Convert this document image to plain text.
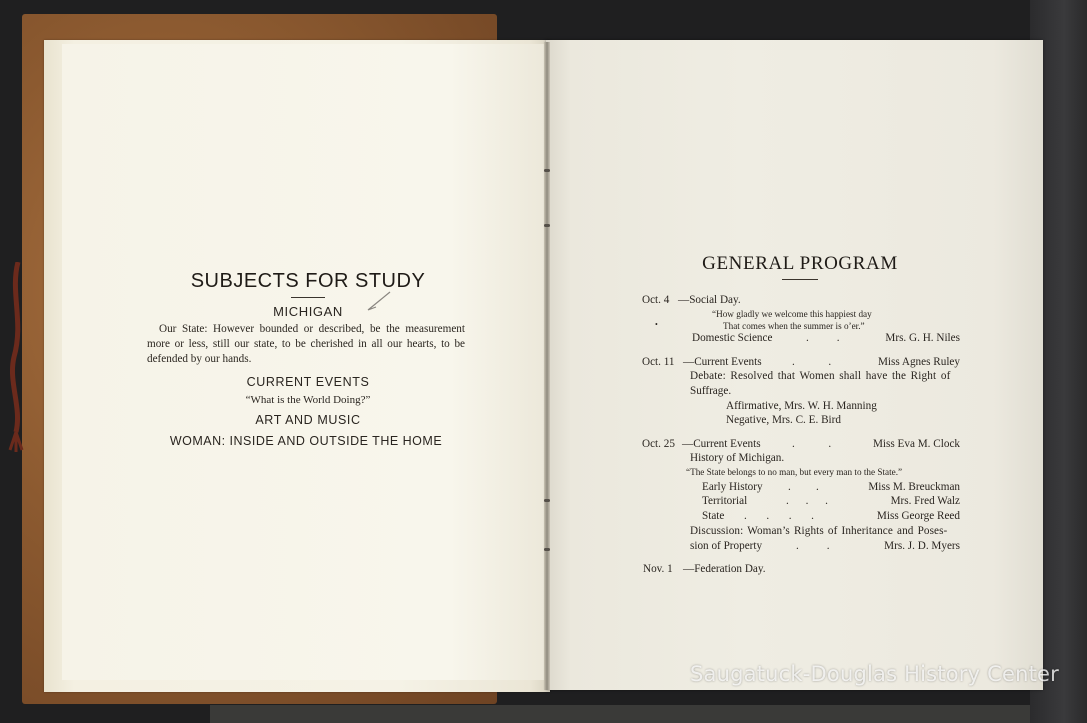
SUBJECTS FOR STUDY
MICHIGAN
Our State: However bounded or described, be the measurement more or less, still our state, to be cherished in all our hearts, to be defended by our hands.
CURRENT EVENTS
“What is the World Doing?”
ART AND MUSIC
WOMAN: INSIDE AND OUTSIDE THE HOME
GENERAL PROGRAM
Oct. 4 —Social Day.
“How gladly we welcome this happiest day
•	That comes when the summer is o’er.”
Domestic Science	.          .	Mrs. G. H. Niles
Oct. 11 —Current Events	.            .	Miss Agnes Ruley
Debate: Resolved that Women shall have the Right of
Suffrage.
Affirmative, Mrs. W. H. Manning
Negative, Mrs. C. E. Bird
Oct. 25 —Current Events	.            .	Miss Eva M. Clock
History of Michigan.
“The State belongs to no man, but every man to the State.”
Early History .         .	Miss M. Breuckman
Territorial	.      .      .	Mrs. Fred Walz
State .       .       .       .	Miss George Reed
Discussion: Woman’s Rights of Inheritance and Poses-
sion of Property	.          .	Mrs. J. D. Myers
Nov. 1 —Federation Day.
Saugatuck-Douglas History Center
